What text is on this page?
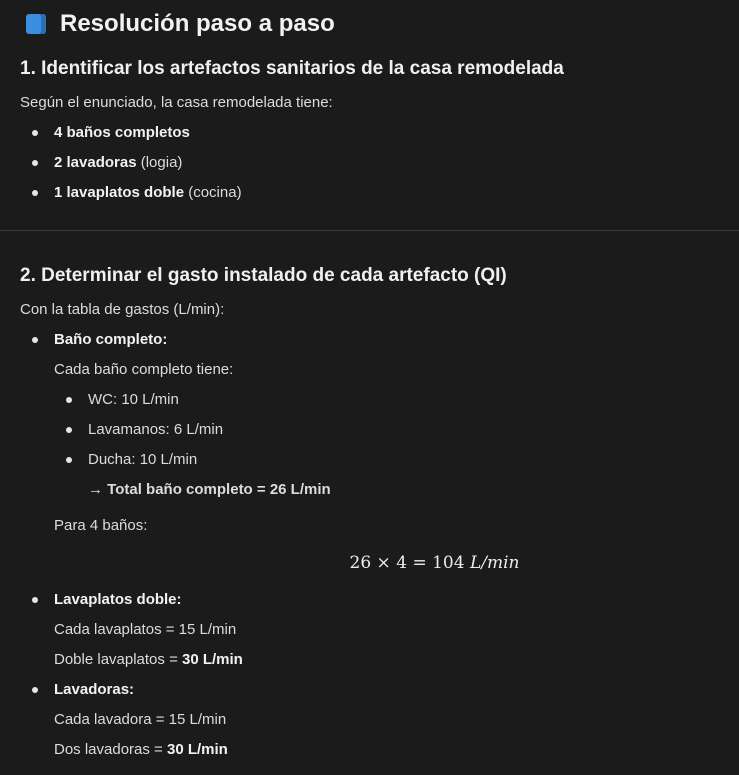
Resolución paso a paso
1. Identificar los artefactos sanitarios de la casa remodelada
Según el enunciado, la casa remodelada tiene:
4 baños completos
2 lavadoras (logia)
1 lavaplatos doble (cocina)
2. Determinar el gasto instalado de cada artefacto (QI)
Con la tabla de gastos (L/min):
Baño completo:
Cada baño completo tiene:
WC: 10 L/min
Lavamanos: 6 L/min
Ducha: 10 L/min
→ Total baño completo = 26 L/min
Para 4 baños:
26 × 4 = 104 L/min
Lavaplatos doble:
Cada lavaplatos = 15 L/min
Doble lavaplatos = 30 L/min
Lavadoras:
Cada lavadora = 15 L/min
Dos lavadoras = 30 L/min
